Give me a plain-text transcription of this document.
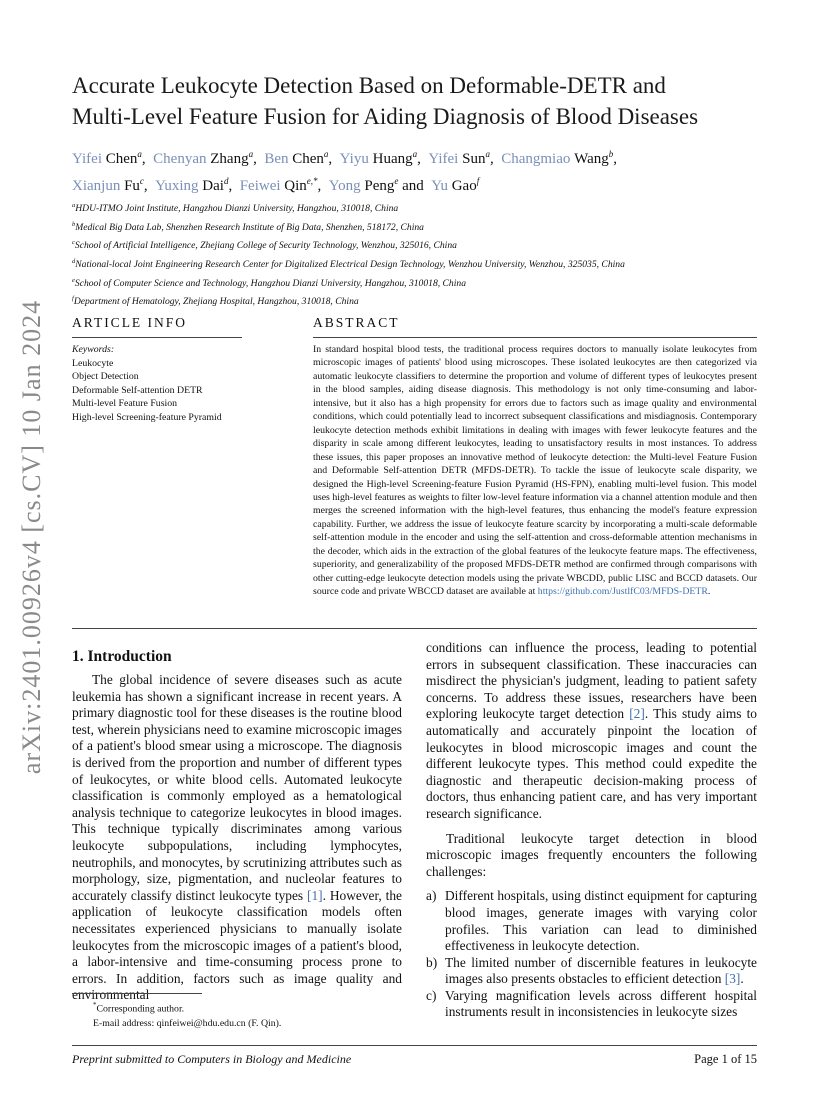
Accurate Leukocyte Detection Based on Deformable-DETR and
Multi-Level Feature Fusion for Aiding Diagnosis of Blood Diseases
Yifei Chen$^a$,  Chenyan Zhang$^a$,  Ben Chen$^a$,  Yiyu Huang$^a$,  Yifei Sun$^a$,  Changmiao Wang$^b$,
Xianjun Fu$^c$,  Yuxing Dai$^d$,  Feiwei Qin$^{e,*}$,  Yong Peng$^e$ and Yu Gao$^f$
$^a$HDU-ITMO Joint Institute, Hangzhou Dianzi University, Hangzhou, 310018, China
$^b$Medical Big Data Lab, Shenzhen Research Institute of Big Data, Shenzhen, 518172, China
$^c$School of Artificial Intelligence, Zhejiang College of Security Technology, Wenzhou, 325016, China
$^d$National-local Joint Engineering Research Center for Digitalized Electrical Design Technology, Wenzhou University, Wenzhou, 325035, China
$^e$School of Computer Science and Technology, Hangzhou Dianzi University, Hangzhou, 310018, China
$^f$Department of Hematology, Zhejiang Hospital, Hangzhou, 310018, China
arXiv:2401.00926v4 [cs.CV] 10 Jan 2024 ARTICLE INFO
Keywords:
Leukocyte
Object Detection
Deformable Self-attention DETR
Multi-level Feature Fusion
High-level Screening-feature Pyramid
ABSTRACT
In standard hospital blood tests, the traditional process requires doctors to manually isolate leukocytes from microscopic images of patients' blood using microscopes. These isolated leukocytes are then categorized via automatic leukocyte classifiers to determine the proportion and volume of different types of leukocytes present in the blood samples, aiding disease diagnosis. This methodology is not only time-consuming and labor-intensive, but it also has a high propensity for errors due to factors such as image quality and environmental conditions, which could potentially lead to incorrect subsequent classifications and misdiagnosis. Contemporary leukocyte detection methods exhibit limitations in dealing with images with fewer leukocyte features and the disparity in scale among different leukocytes, leading to unsatisfactory results in most instances. To address these issues, this paper proposes an innovative method of leukocyte detection: the Multi-level Feature Fusion and Deformable Self-attention DETR (MFDS-DETR). To tackle the issue of leukocyte scale disparity, we designed the High-level Screening-feature Fusion Pyramid (HS-FPN), enabling multi-level fusion. This model uses high-level features as weights to filter low-level feature information via a channel attention module and then merges the screened information with the high-level features, thus enhancing the model's feature expression capability. Further, we address the issue of leukocyte feature scarcity by incorporating a multi-scale deformable self-attention module in the encoder and using the self-attention and cross-deformable attention mechanisms in the decoder, which aids in the extraction of the global features of the leukocyte feature maps. The effectiveness, superiority, and generalizability of the proposed MFDS-DETR method are confirmed through comparisons with other cutting-edge leukocyte detection models using the private WBCDD, public LISC and BCCD datasets. Our source code and private WBCCD dataset are available at https://github.com/JustlfC03/MFDS-DETR.
1. Introduction

The global incidence of severe diseases such as acute leukemia has shown a significant increase in recent years. A primary diagnostic tool for these diseases is the routine blood test, wherein physicians need to examine microscopic images of a patient's blood smear using a microscope. The diagnosis is derived from the proportion and number of different types of leukocytes, or white blood cells. Automated leukocyte classification is commonly employed as a hematological analysis technique to categorize leukocytes in blood images. This technique typically discriminates among various leukocyte subpopulations, including lymphocytes, neutrophils, and monocytes, by scrutinizing attributes such as morphology, size, pigmentation, and nucleolar features to accurately classify distinct leukocyte types [1]. However, the application of leukocyte classification models often necessitates experienced physicians to manually isolate leukocytes from the microscopic images of a patient's blood, a labor-intensive and time-consuming process prone to errors. In addition, factors such as image quality and environmental

conditions can influence the process, leading to potential errors in subsequent classification. These inaccuracies can misdirect the physician's judgment, leading to patient safety concerns. To address these issues, researchers have been exploring leukocyte target detection [2]. This study aims to automatically and accurately pinpoint the location of leukocytes in blood microscopic images and count the different leukocyte types. This method could expedite the diagnostic and therapeutic decision-making process of doctors, thus enhancing patient care, and has very important research significance.

Traditional leukocyte target detection in blood microscopic images frequently encounters the following challenges:

a) Different hospitals, using distinct equipment for capturing blood images, generate images with varying color profiles. This variation can lead to diminished effectiveness in leukocyte detection.
b) The limited number of discernible features in leukocyte images also presents obstacles to efficient detection [3].
c) Varying magnification levels across different hospital instruments result in inconsistencies in leukocyte sizes
*Corresponding author.
E-mail address: qinfeiwei@hdu.edu.cn (F. Qin).
Preprint submitted to Computers in Biology and Medicine	Page 1 of 15
